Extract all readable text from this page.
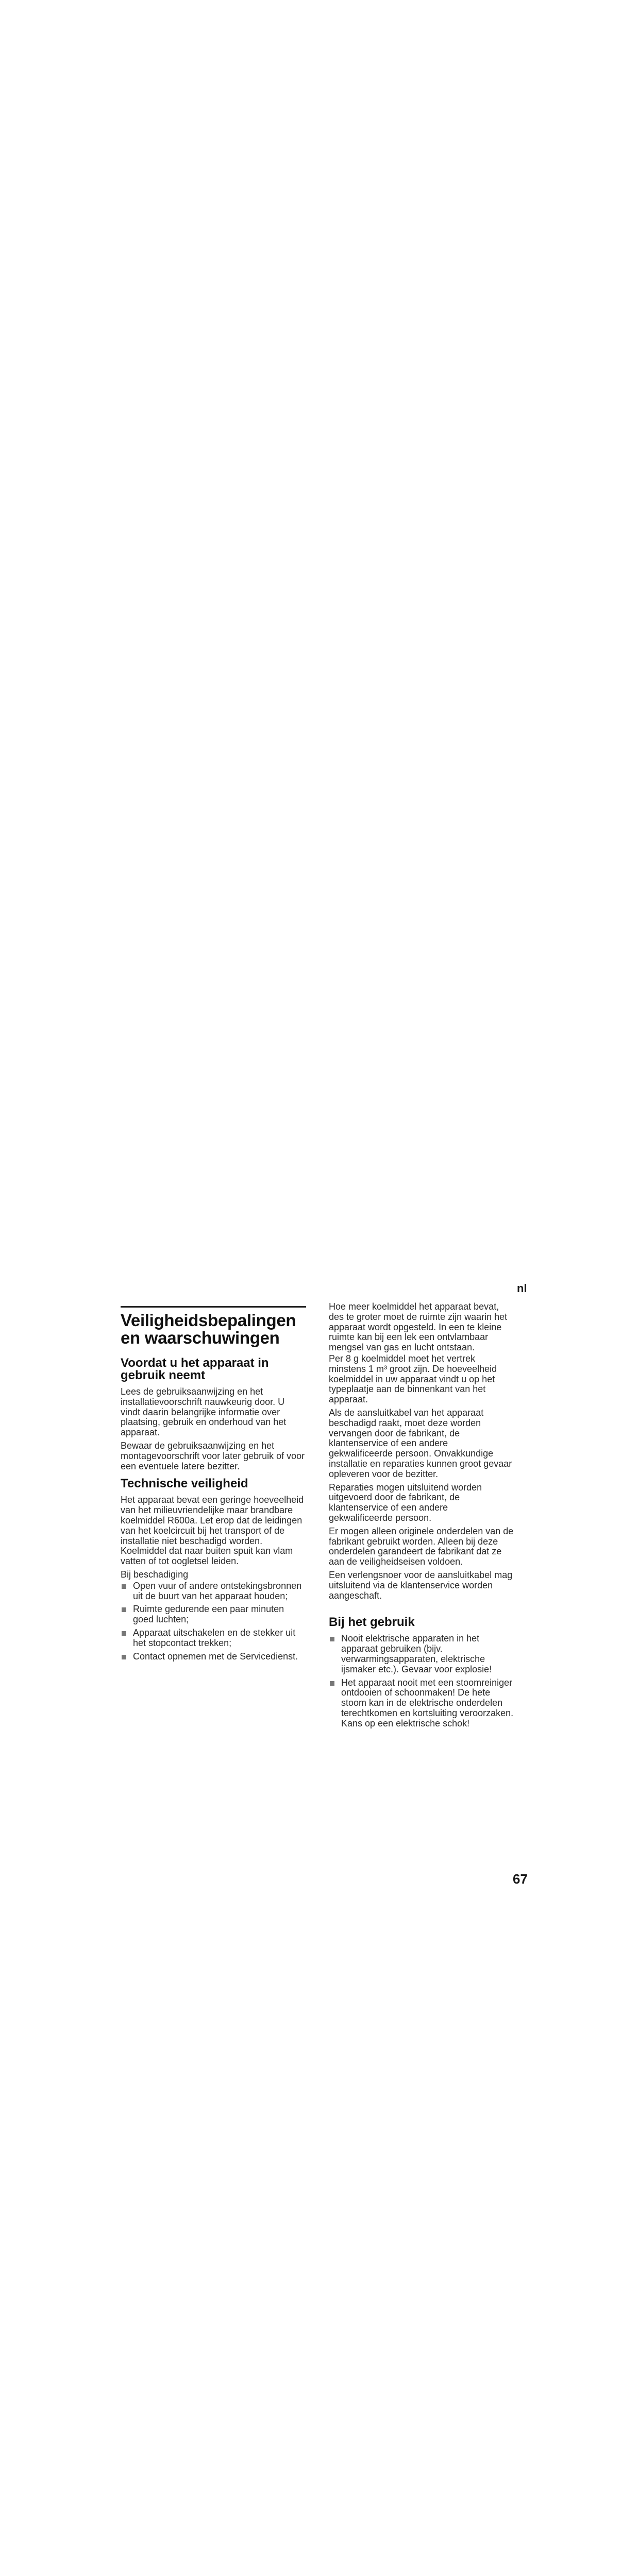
nl
Veiligheidsbepalingen en waarschuwingen
Voordat u het apparaat in gebruik neemt

Lees de gebruiksaanwijzing en het installatievoorschrift nauwkeurig door. U vindt daarin belangrijke informatie over plaatsing, gebruik en onderhoud van het apparaat.

Bewaar de gebruiksaanwijzing en het montagevoorschrift voor later gebruik of voor een eventuele latere bezitter.

Technische veiligheid

Het apparaat bevat een geringe hoeveelheid van het milieuvriendelijke maar brandbare koelmiddel R600a. Let erop dat de leidingen van het koelcircuit bij het transport of de installatie niet beschadigd worden. Koelmiddel dat naar buiten spuit kan vlam vatten of tot oogletsel leiden.

Bij beschadiging

Open vuur of andere ontstekingsbronnen uit de buurt van het apparaat houden;
Ruimte gedurende een paar minuten goed luchten;
Apparaat uitschakelen en de stekker uit het stopcontact trekken;
Contact opnemen met de Servicedienst.

Hoe meer koelmiddel het apparaat bevat, des te groter moet de ruimte zijn waarin het apparaat wordt opgesteld. In een te kleine ruimte kan bij een lek een ontvlambaar mengsel van gas en lucht ontstaan.

Per 8 g koelmiddel moet het vertrek minstens 1 m³ groot zijn. De hoeveelheid koelmiddel in uw apparaat vindt u op het typeplaatje aan de binnenkant van het apparaat.

Als de aansluitkabel van het apparaat beschadigd raakt, moet deze worden vervangen door de fabrikant, de klantenservice of een andere gekwalificeerde persoon. Onvakkundige installatie en reparaties kunnen groot gevaar opleveren voor de bezitter.

Reparaties mogen uitsluitend worden uitgevoerd door de fabrikant, de klantenservice of een andere gekwalificeerde persoon.

Er mogen alleen originele onderdelen van de fabrikant gebruikt worden. Alleen bij deze onderdelen garandeert de fabrikant dat ze aan de veiligheidseisen voldoen.

Een verlengsnoer voor de aansluitkabel mag uitsluitend via de klantenservice worden aangeschaft.

Bij het gebruik
Nooit elektrische apparaten in het apparaat gebruiken (bijv. verwarmingsapparaten, elektrische ijsmaker etc.). Gevaar voor explosie!
Het apparaat nooit met een stoomreiniger ontdooien of schoonmaken! De hete stoom kan in de elektrische onderdelen terechtkomen en kortsluiting veroorzaken. Kans op een elektrische schok!
67
